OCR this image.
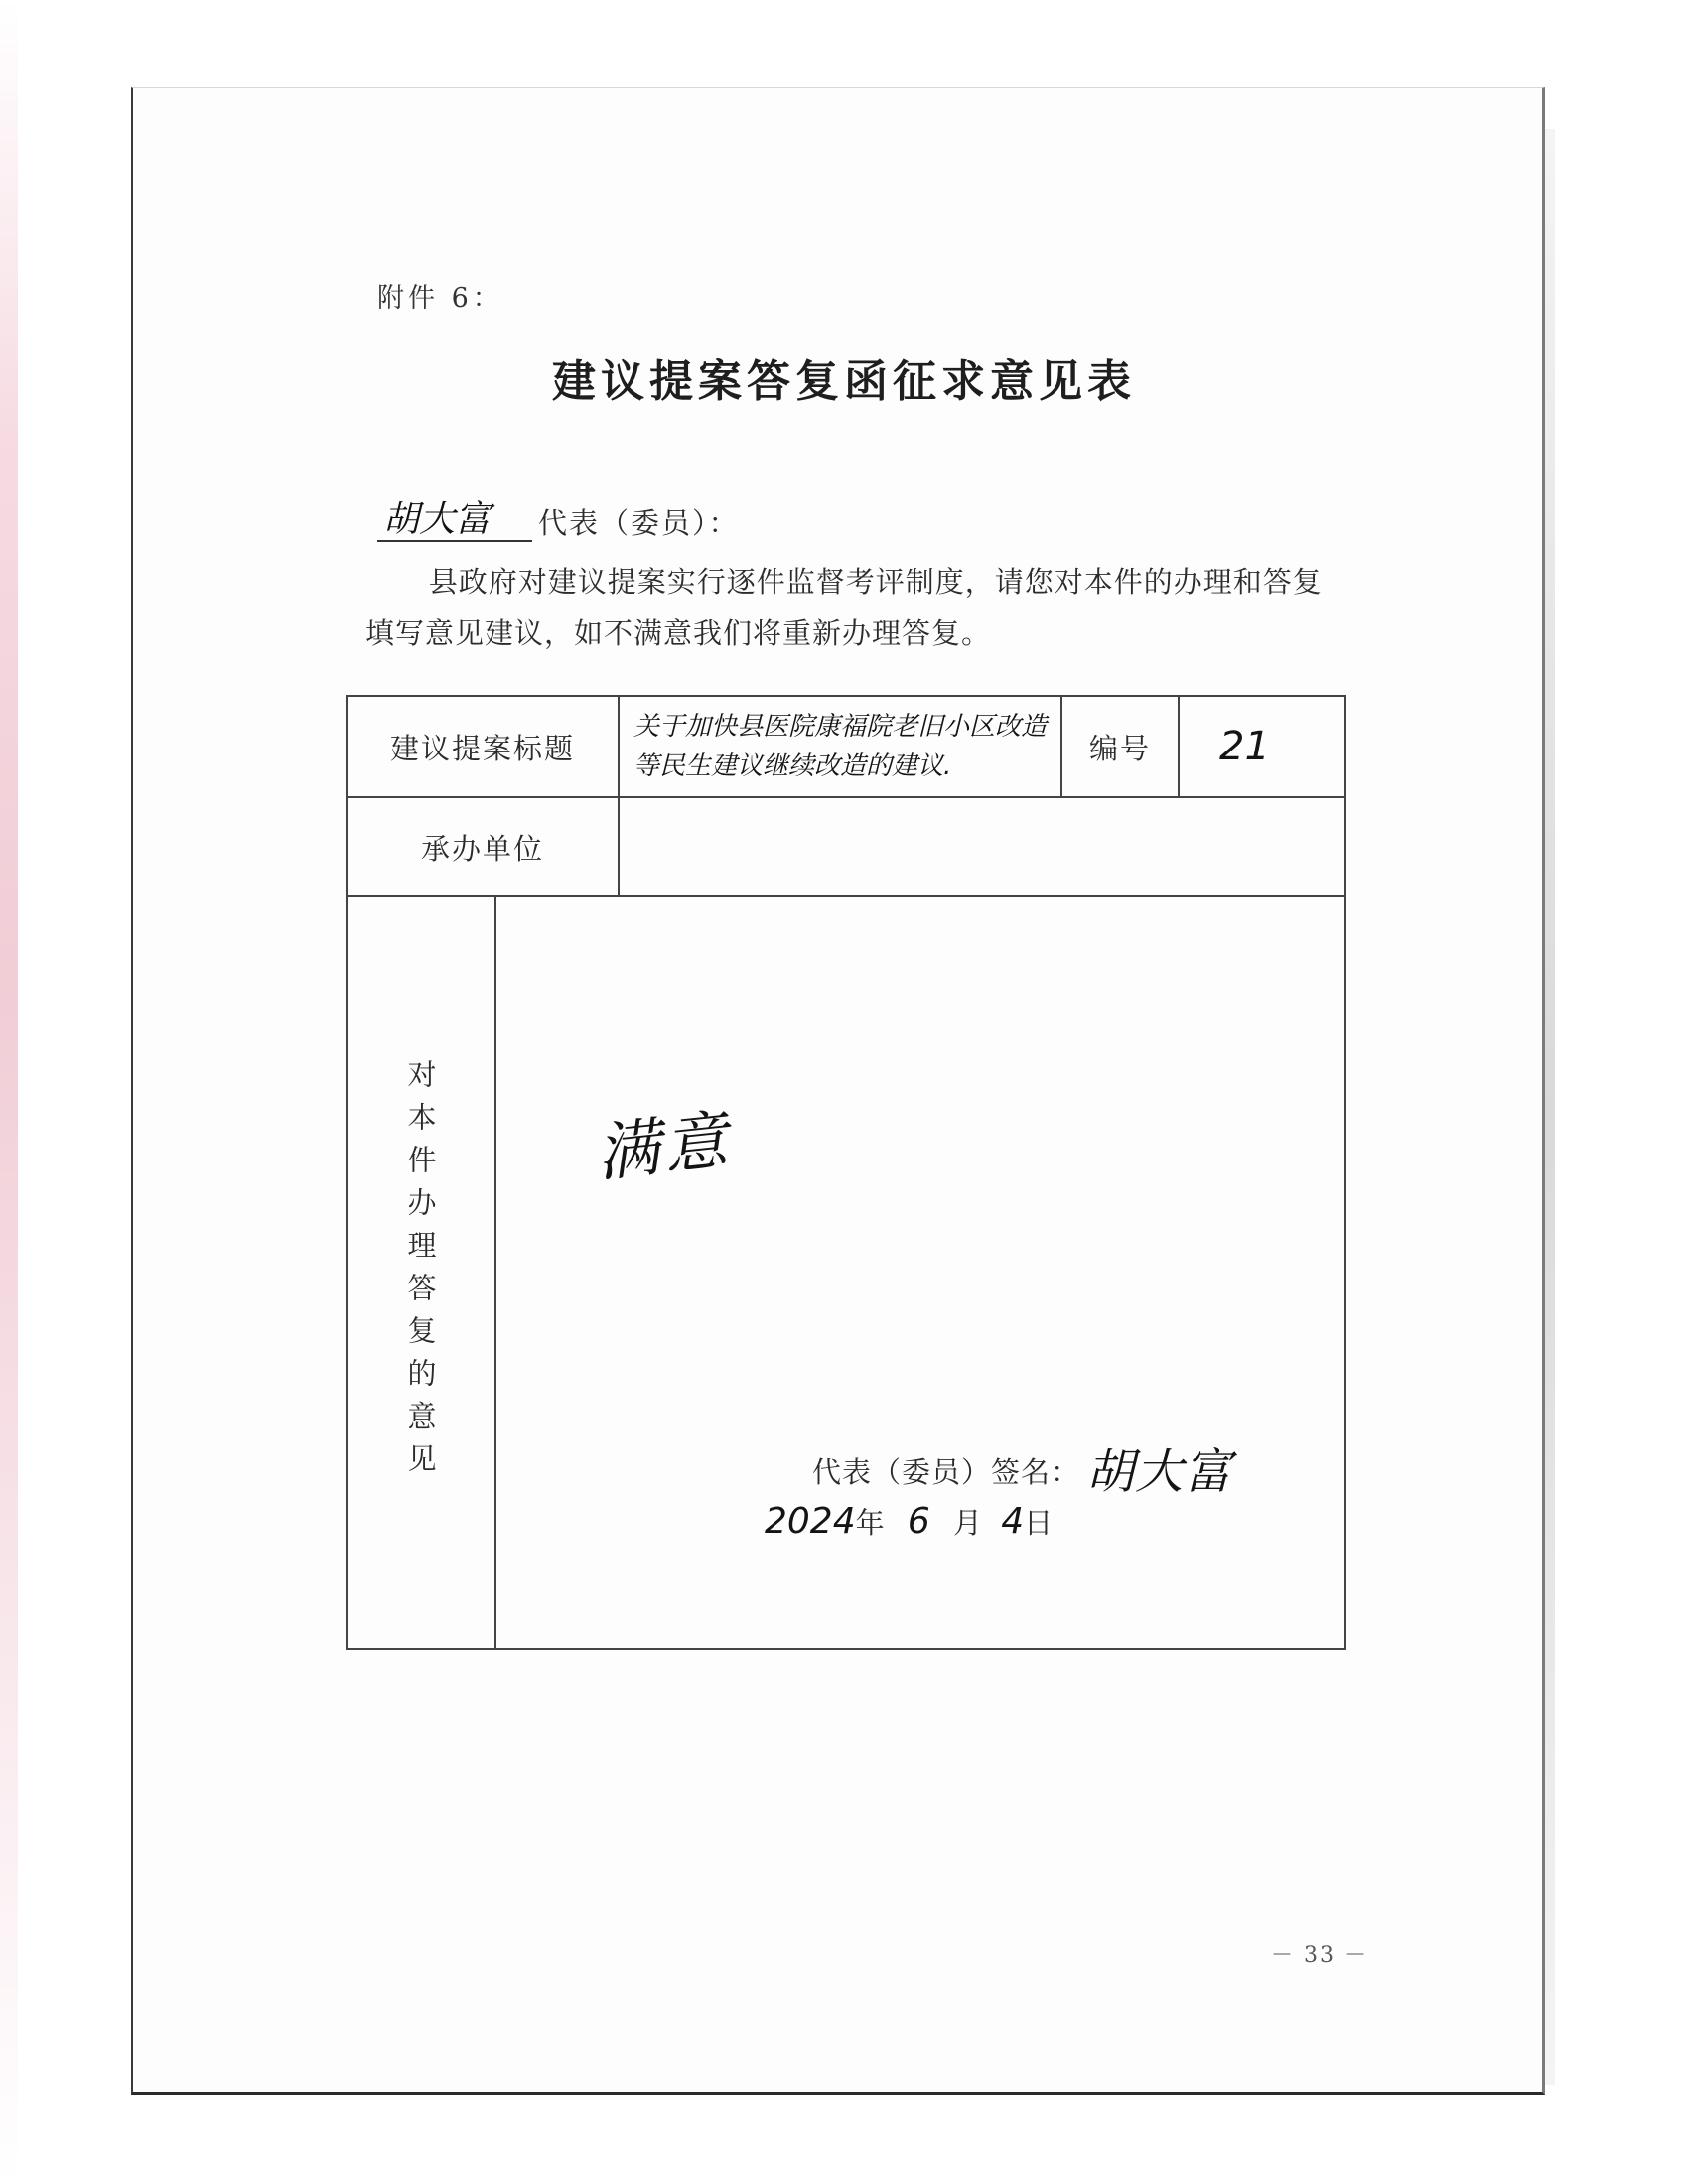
附件 6：
建议提案答复函征求意见表
胡大富 代表（委员）：
县政府对建议提案实行逐件监督考评制度，请您对本件的办理和答复填写意见建议，如不满意我们将重新办理答复。
建议提案标题		关于加快县医院康福院老旧小区改造等民生建议继续改造的建议.	编号	21
承办单位				

对本件办理答复的意见	满意
代表（委员）签名： 胡大富
2024年 6 月 4日			
－ 33 －
